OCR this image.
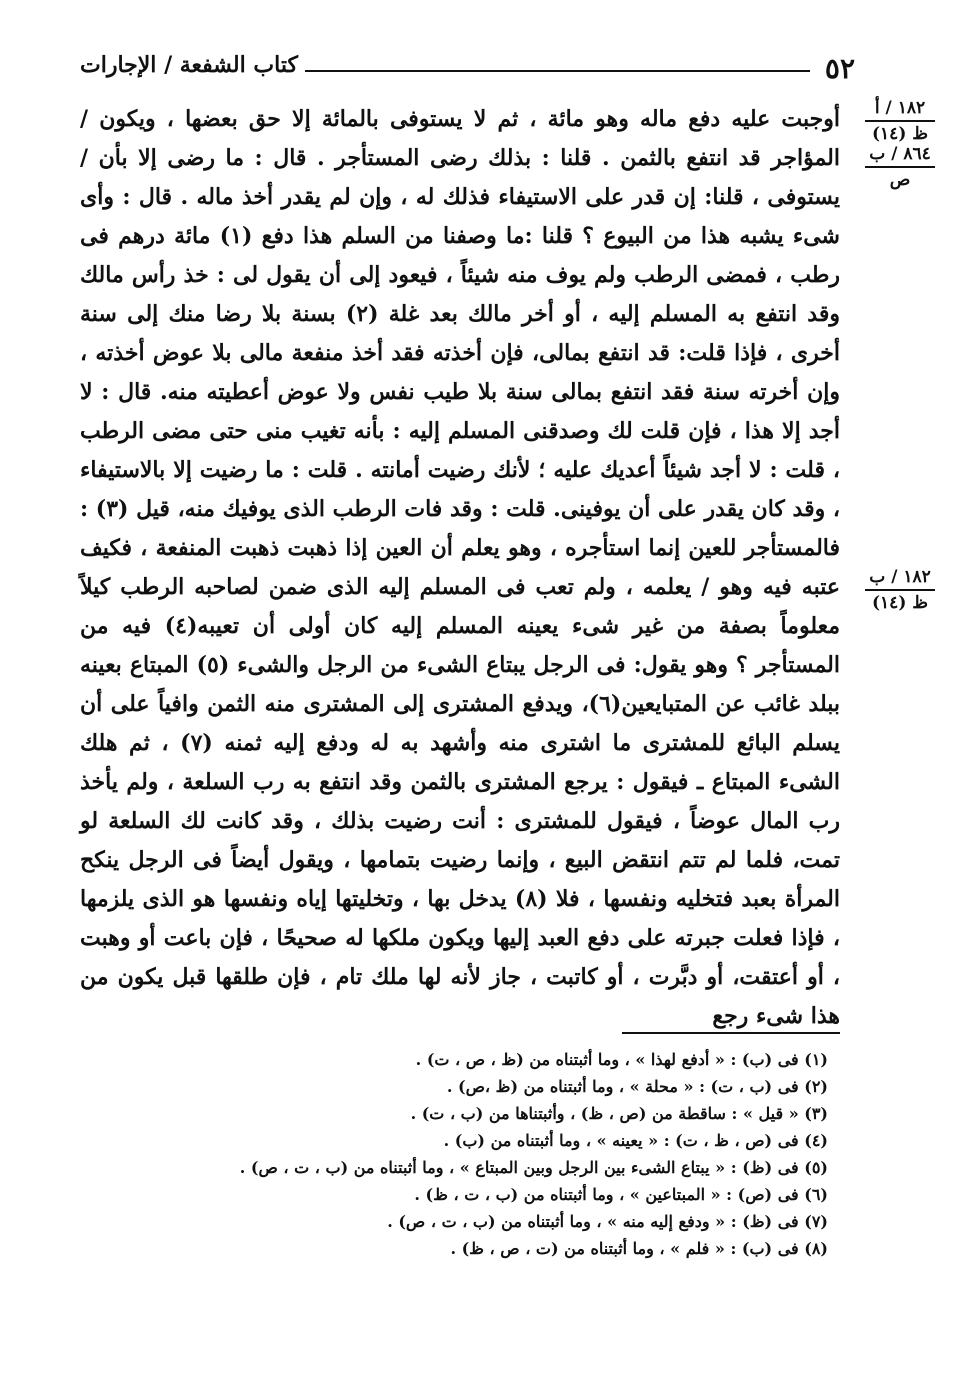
٥٢
كتاب الشفعة / الإجارات
١٨٢ / أ
ظ (١٤)
٨٦٤ / ب
ص
١٨٢ / ب
ظ (١٤)

أوجبت عليه دفع ماله وهو مائة ، ثم لا يستوفى بالمائة إلا حق بعضها ، ويكون / المؤاجر قد انتفع بالثمن . قلنا : بذلك رضى المستأجر . قال : ما رضى إلا بأن / يستوفى ، قلنا: إن قدر على الاستيفاء فذلك له ، وإن لم يقدر أخذ ماله . قال : وأى شىء يشبه هذا من البيوع ؟ قلنا :ما وصفنا من السلم هذا دفع (١) مائة درهم فى رطب ، فمضى الرطب ولم يوف منه شيئاً ، فيعود إلى أن يقول لى : خذ رأس مالك وقد انتفع به المسلم إليه ، أو أخر مالك بعد غلة (٢) بسنة بلا رضا منك إلى سنة أخرى ، فإذا قلت: قد انتفع بمالى، فإن أخذته فقد أخذ منفعة مالى بلا عوض أخذته ، وإن أخرته سنة فقد انتفع بمالى سنة بلا طيب نفس ولا عوض أعطيته منه. قال : لا أجد إلا هذا ، فإن قلت لك وصدقنى المسلم إليه : بأنه تغيب منى حتى مضى الرطب ، قلت : لا أجد شيئاً أعديك عليه ؛ لأنك رضيت أمانته . قلت : ما رضيت إلا بالاستيفاء ، وقد كان يقدر على أن يوفينى. قلت : وقد فات الرطب الذى يوفيك منه، قيل (٣) : فالمستأجر للعين إنما استأجره ، وهو يعلم أن العين إذا ذهبت ذهبت المنفعة ، فكيف عتبه فيه وهو / يعلمه ، ولم تعب فى المسلم إليه الذى ضمن لصاحبه الرطب كيلاً معلوماً بصفة من غير شىء يعينه المسلم إليه كان أولى أن تعيبه(٤) فيه من المستأجر ؟ وهو يقول: فى الرجل يبتاع الشىء من الرجل والشىء (٥) المبتاع بعينه ببلد غائب عن المتبايعين(٦)، ويدفع المشترى إلى المشترى منه الثمن وافياً على أن يسلم البائع للمشترى ما اشترى منه وأشهد به له ودفع إليه ثمنه (٧) ، ثم هلك الشىء المبتاع ـ فيقول : يرجع المشترى بالثمن وقد انتفع به رب السلعة ، ولم يأخذ رب المال عوضاً ، فيقول للمشترى : أنت رضيت بذلك ، وقد كانت لك السلعة لو تمت، فلما لم تتم انتقض البيع ، وإنما رضيت بتمامها ، ويقول أيضاً فى الرجل ينكح المرأة بعبد فتخليه ونفسها ، فلا (٨) يدخل بها ، وتخليتها إياه ونفسها هو الذى يلزمها ، فإذا فعلت جبرته على دفع العبد إليها ويكون ملكها له صحيحًا ، فإن باعت أو وهبت ، أو أعتقت، أو دبَّرت ، أو كاتبت ، جاز لأنه لها ملك تام ، فإن طلقها قبل يكون من هذا شىء رجع

(١) فى (ب) : « أدفع لهذا » ، وما أثبتناه من (ظ ، ص ، ت) .
(٢) فى (ب ، ت) : « محلة » ، وما أثبتناه من (ظ ،ص) .
(٣) « قيل » : ساقطة من (ص ، ظ) ، وأثبتناها من (ب ، ت) .
(٤) فى (ص ، ظ ، ت) : « يعينه » ، وما أثبتناه من (ب) .
(٥) فى (ظ) : « يبتاع الشىء بين الرجل وبين المبتاع » ، وما أثبتناه من (ب ، ت ، ص) .
(٦) فى (ص) : « المبتاعين » ، وما أثبتناه من (ب ، ت ، ظ) .
(٧) فى (ظ) : « ودفع إليه منه » ، وما أثبتناه من (ب ، ت ، ص) .
(٨) فى (ب) : « فلم » ، وما أثبتناه من (ت ، ص ، ظ) .
